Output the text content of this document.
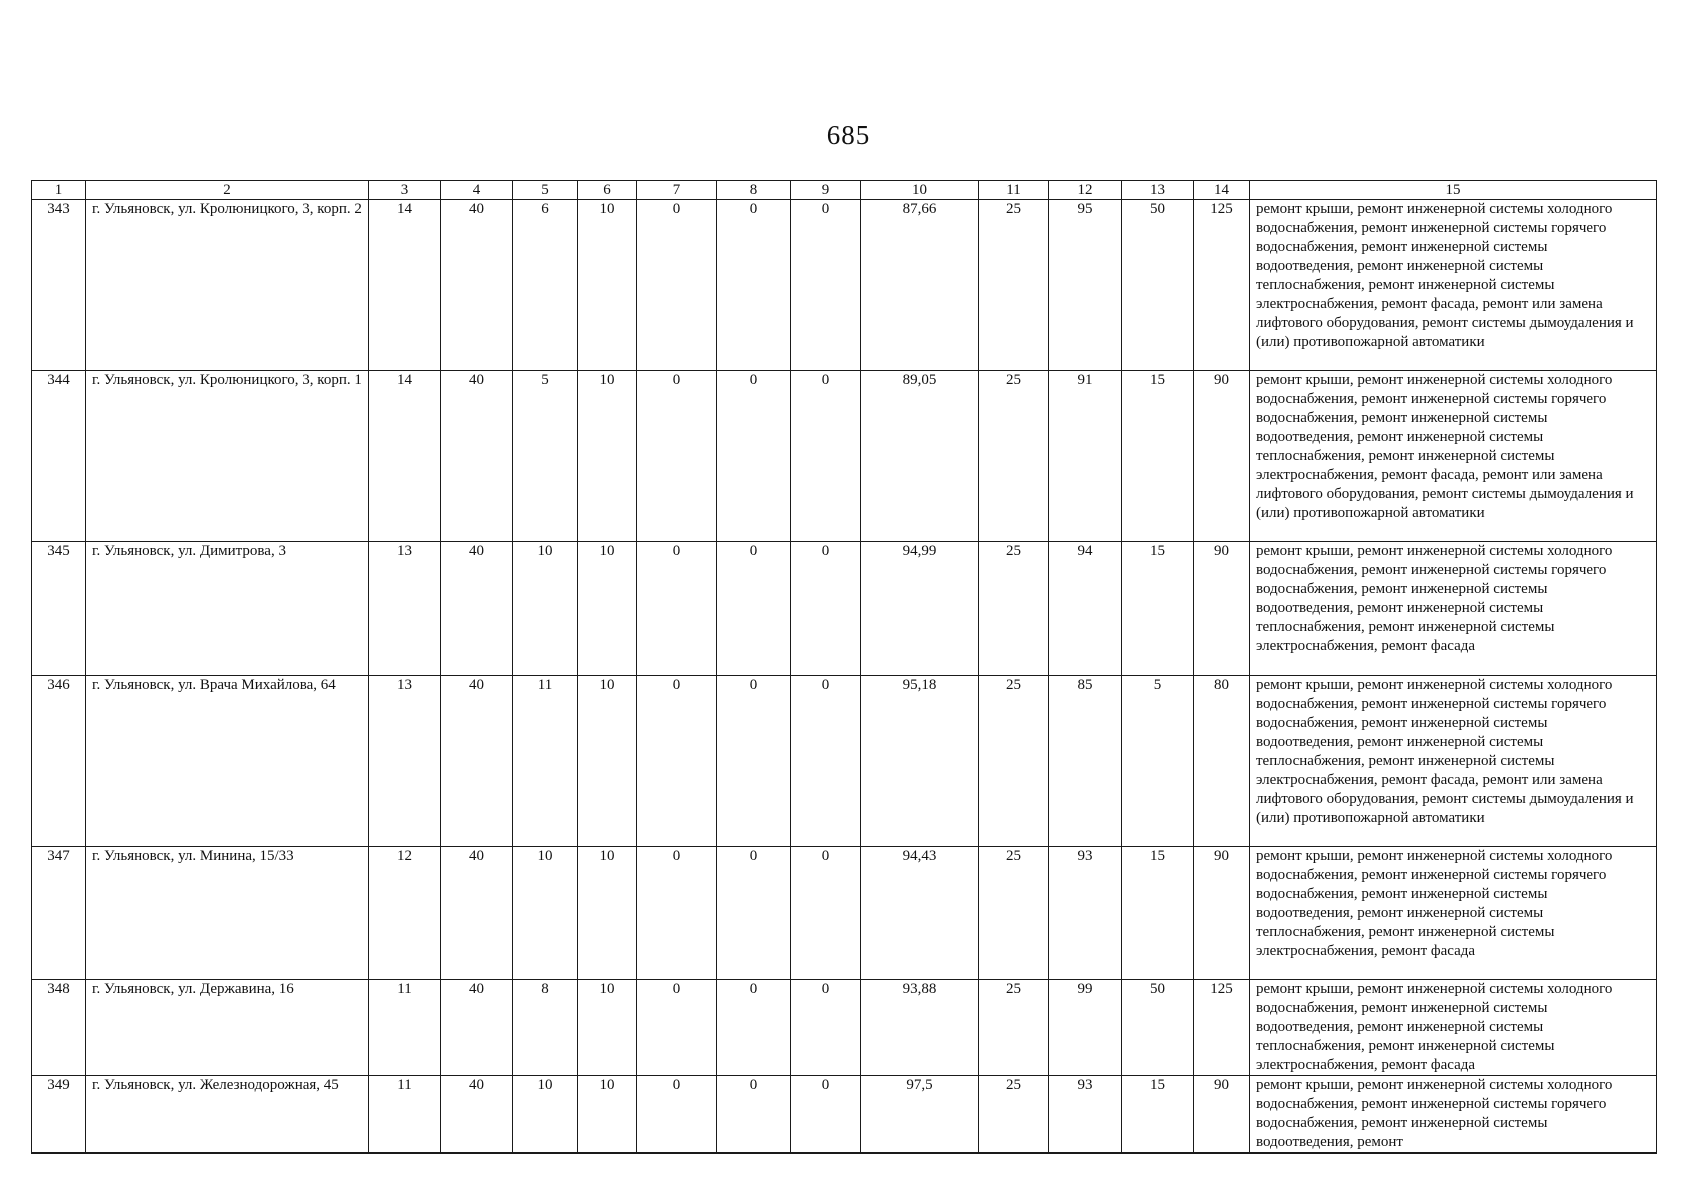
685
1	2	3	4	5	6	7	8	9	10	11	12	13	14	15
343	г. Ульяновск, ул. Кролюницкого, 3, корп. 2	14	40	6	10	0	0	0	87,66	25	95	50	125	ремонт крыши, ремонт инженерной системы холодного водоснабжения, ремонт инженерной системы горячего водоснабжения, ремонт инженерной системы водоотведения, ремонт инженерной системы теплоснабжения, ремонт инженерной системы электроснабжения, ремонт фасада, ремонт или замена лифтового оборудования, ремонт системы дымоудаления и (или) противопожарной автоматики
344	г. Ульяновск, ул. Кролюницкого, 3, корп. 1	14	40	5	10	0	0	0	89,05	25	91	15	90	ремонт крыши, ремонт инженерной системы холодного водоснабжения, ремонт инженерной системы горячего водоснабжения, ремонт инженерной системы водоотведения, ремонт инженерной системы теплоснабжения, ремонт инженерной системы электроснабжения, ремонт фасада, ремонт или замена лифтового оборудования, ремонт системы дымоудаления и (или) противопожарной автоматики
345	г. Ульяновск, ул. Димитрова, 3	13	40	10	10	0	0	0	94,99	25	94	15	90	ремонт крыши, ремонт инженерной системы холодного водоснабжения, ремонт инженерной системы горячего водоснабжения, ремонт инженерной системы водоотведения, ремонт инженерной системы теплоснабжения, ремонт инженерной системы электроснабжения, ремонт фасада
346	г. Ульяновск, ул. Врача Михайлова, 64	13	40	11	10	0	0	0	95,18	25	85	5	80	ремонт крыши, ремонт инженерной системы холодного водоснабжения, ремонт инженерной системы горячего водоснабжения, ремонт инженерной системы водоотведения, ремонт инженерной системы теплоснабжения, ремонт инженерной системы электроснабжения, ремонт фасада, ремонт или замена лифтового оборудования, ремонт системы дымоудаления и (или) противопожарной автоматики
347	г. Ульяновск, ул. Минина, 15/33	12	40	10	10	0	0	0	94,43	25	93	15	90	ремонт крыши, ремонт инженерной системы холодного водоснабжения, ремонт инженерной системы горячего водоснабжения, ремонт инженерной системы водоотведения, ремонт инженерной системы теплоснабжения, ремонт инженерной системы электроснабжения, ремонт фасада
348	г. Ульяновск, ул. Державина, 16	11	40	8	10	0	0	0	93,88	25	99	50	125	ремонт крыши, ремонт инженерной системы холодного водоснабжения, ремонт инженерной системы водоотведения, ремонт инженерной системы теплоснабжения, ремонт инженерной системы электроснабжения, ремонт фасада
349	г. Ульяновск, ул. Железнодорожная, 45	11	40	10	10	0	0	0	97,5	25	93	15	90	ремонт крыши, ремонт инженерной системы холодного водоснабжения, ремонт инженерной системы горячего водоснабжения, ремонт инженерной системы водоотведения, ремонт
